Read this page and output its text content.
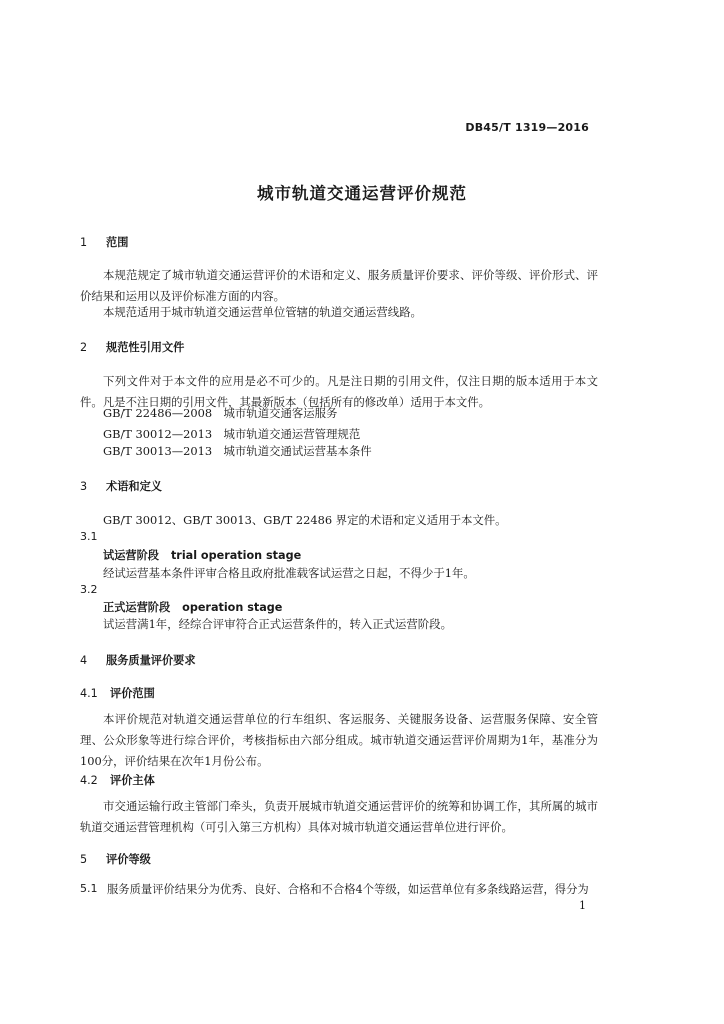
DB45/T 1319—2016
城市轨道交通运营评价规范
1 范围
本规范规定了城市轨道交通运营评价的术语和定义、服务质量评价要求、评价等级、评价形式、评价结果和运用以及评价标准方面的内容。
本规范适用于城市轨道交通运营单位管辖的轨道交通运营线路。
2 规范性引用文件
下列文件对于本文件的应用是必不可少的。凡是注日期的引用文件，仅注日期的版本适用于本文件。凡是不注日期的引用文件，其最新版本（包括所有的修改单）适用于本文件。
GB/T 22486—2008　城市轨道交通客运服务
GB/T 30012—2013　城市轨道交通运营管理规范
GB/T 30013—2013　城市轨道交通试运营基本条件
3 术语和定义
GB/T 30012、GB/T 30013、GB/T 22486 界定的术语和定义适用于本文件。
3.1
试运营阶段 trial operation stage
经试运营基本条件评审合格且政府批准载客试运营之日起，不得少于1年。
3.2
正式运营阶段 operation stage
试运营满1年，经综合评审符合正式运营条件的，转入正式运营阶段。
4 服务质量评价要求
4.1 评价范围
本评价规范对轨道交通运营单位的行车组织、客运服务、关键服务设备、运营服务保障、安全管理、公众形象等进行综合评价，考核指标由六部分组成。城市轨道交通运营评价周期为1年，基准分为100分，评价结果在次年1月份公布。
4.2 评价主体
市交通运输行政主管部门牵头，负责开展城市轨道交通运营评价的统筹和协调工作，其所属的城市轨道交通运营管理机构（可引入第三方机构）具体对城市轨道交通运营单位进行评价。
5 评价等级
5.1 服务质量评价结果分为优秀、良好、合格和不合格4个等级，如运营单位有多条线路运营，得分为
1
